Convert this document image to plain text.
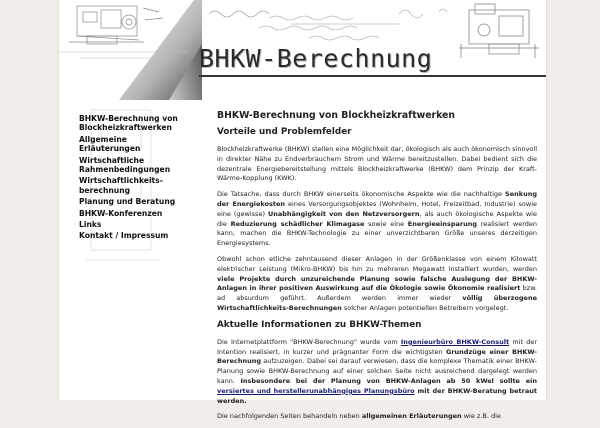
BHKW-Berechnung
BHKW-Berechnung von Blockheizkraftwerken
Allgemeine Erläuterungen
Wirtschaftliche Rahmenbedingungen
Wirtschaftlichkeits-berechnung
Planung und Beratung
BHKW-Konferenzen
Links
Kontakt / Impressum
BHKW-Berechnung von Blockheizkraftwerken
Vorteile und Problemfelder

Blockheizkraftwerke (BHKW) stellen eine Möglichkeit dar, ökologisch als auch ökonomisch sinnvoll in direkter Nähe zu Endverbrauchern Strom und Wärme bereitzustellen. Dabei bedient sich die dezentrale Energiebereitstellung mittels Blockheizkraftwerke (BHKW) dem Prinzip der Kraft-Wärme-Kopplung (KWK).

Die Tatsache, dass durch BHKW einerseits ökonomische Aspekte wie die nachhaltige Senkung der Energiekosten eines Versorgungsobjektes (Wohnheim, Hotel, Freizeitbad, Industrie) sowie eine (gewisse) Unabhängigkeit von den Netzversorgern, als auch ökologische Aspekte wie die Reduzierung schädlicher Klimagase sowie eine Energieeinsparung realisiert werden kann, machen die BHKW-Technologie zu einer unverzichtbaren Größe unseres derzeitigen Energiesystems.

Obwohl schon etliche zehntausend dieser Anlagen in der Größenklasse von einem Kilowatt elektrischer Leistung (Mikro-BHKW) bis hin zu mehreren Megawatt installiert wurden, werden viele Projekte durch unzureichende Planung sowie falsche Auslegung der BHKW-Anlagen in ihrer positiven Auswirkung auf die Ökologie sowie Ökonomie realisiert bzw. ad absurdum geführt. Außerdem werden immer wieder völlig überzogene Wirtschaftlichkeits-Berechnungen solcher Anlagen potentiellen Betreibern vorgelegt.

Aktuelle Informationen zu BHKW-Themen

Die Internetplattform "BHKW-Berechnung" wurde vom Ingenieurbüro BHKW-Consult mit der Intention realisiert, in kurzer und prägnanter Form die wichtigsten Grundzüge einer BHKW-Berechnung aufzuzeigen. Dabei sei darauf verwiesen, dass die komplexe Thematik einer BHKW-Planung sowie BHKW-Berechnung auf einer solchen Seite nicht ausreichend dargelegt werden kann. Insbesondere bei der Planung von BHKW-Anlagen ab 50 kWel sollte ein versiertes und herstellerunabhängiges Planungsbüro mit der BHKW-Beratung betraut werden.

Die nachfolgenden Seiten behandeln neben allgemeinen Erläuterungen wie z.B. die
